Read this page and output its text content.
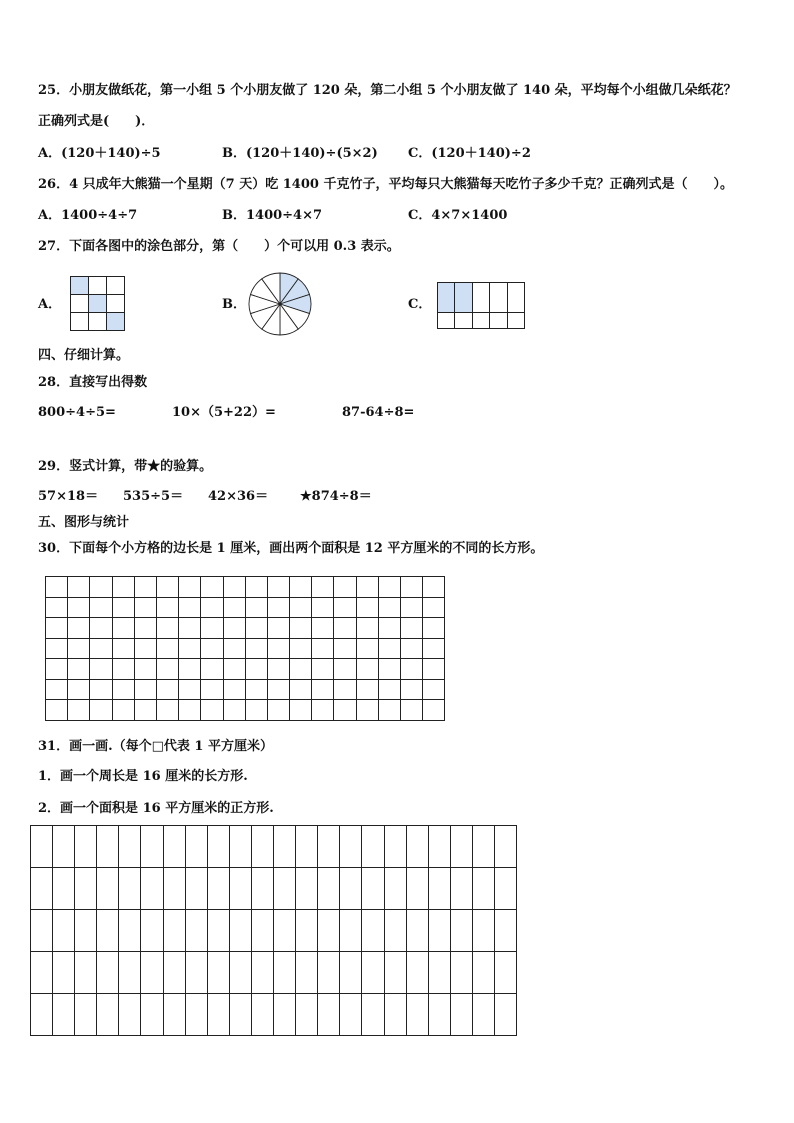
25．小朋友做纸花，第一小组 5 个小朋友做了 120 朵，第二小组 5 个小朋友做了 140 朵，平均每个小组做几朵纸花？
正确列式是(　　)．
A．(120＋140)÷5	B．(120＋140)÷(5×2) C．(120＋140)÷2
26．4 只成年大熊猫一个星期（7 天）吃 1400 千克竹子，平均每只大熊猫每天吃竹子多少千克？正确列式是（　　）。
A．1400÷4÷7	B．1400÷4×7	C．4×7×1400
27．下面各图中的涂色部分，第（　　）个可以用 0.3 表示。
A．	B．	C．
四、仔细计算。
28．直接写出得数
800÷4÷5=	10×（5+22）=	87-64÷8=
29．竖式计算，带★的验算。
57×18＝ 535÷5＝ 42×36＝ ★874÷8＝
五、图形与统计
30．下面每个小方格的边长是 1 厘米，画出两个面积是 12 平方厘米的不同的长方形。
31．画一画.（每个□代表 1 平方厘米）
1．画一个周长是 16 厘米的长方形.
2．画一个面积是 16 平方厘米的正方形.
